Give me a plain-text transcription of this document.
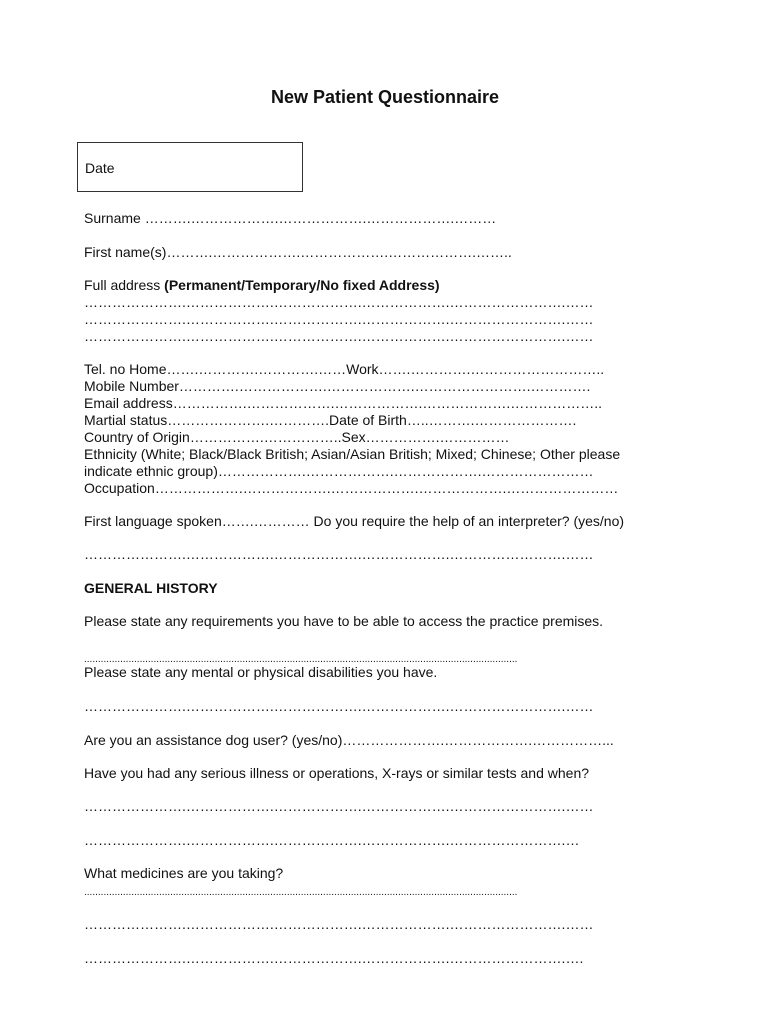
New Patient Questionnaire
Date

Surname ……….……………….……………….……………….………

First name(s)……….……………….……………….……………….……..

Full address (Permanent/Temporary/No fixed Address)

………………….……………….……………….……………….…………………….……

………………….……………….……………….……………….…………………….……

………………….……………….……………….……………….…………………….……

Tel. no Home…….………….………….……Work…….………….………………………..

Mobile Number………….……………….……………….…………………….………….

Email address…………….……………….……………….……………….………………..

Martial status………………….………….Date of Birth…..……….………………….

Country of Origin…………….……………..Sex…………….……………

Ethnicity (White; Black/Black British; Asian/Asian British; Mixed; Chinese; Other please

indicate ethnic group)……………….……………….……………….……………………

Occupation……………….……………….……………….……………….……………………

First language spoken…….………… Do you require the help of an interpreter? (yes/no)

………………….……………….……………….……………….…………………….……

GENERAL HISTORY

Please state any requirements you have to be able to access the practice premises.

............................................................................................................................................................

Please state any mental or physical disabilities you have.

………………….……………….……………….……………….…………………….……

Are you an assistance dog user? (yes/no)………………….……………….……………...

Have you had any serious illness or operations, X-rays or similar tests and when?

………………….……………….……………….……………….…………………….……

………………….……………….……………….……………….…………………….…

What medicines are you taking?

............................................................................................................................................................

………………….……………….……………….……………….…………………….……

………………….……………….……………….……………….…………………….….
